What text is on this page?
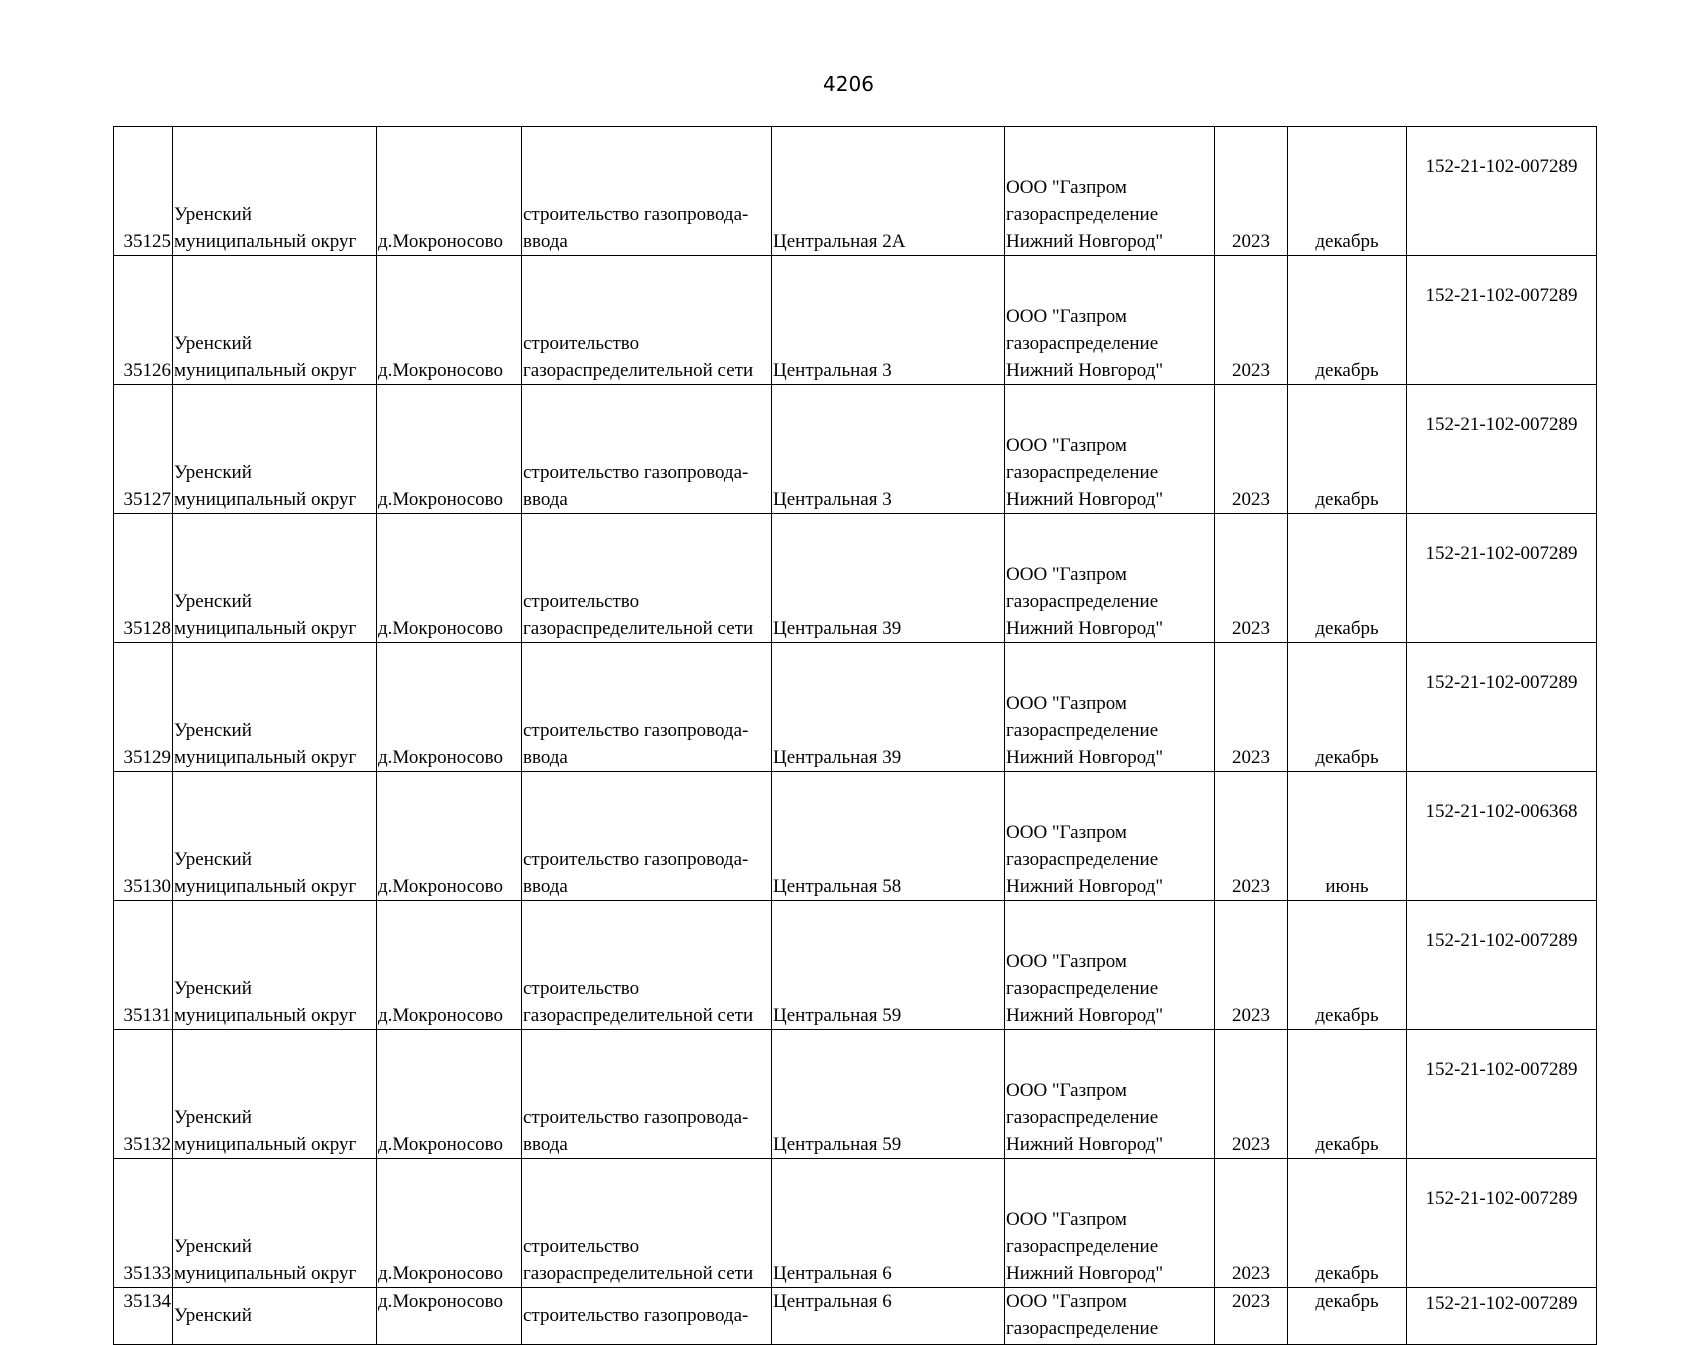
4206
35125	Уренский
муниципальный округ	д.Мокроносово	строительство газопровода-
ввода	Центральная 2А	ООО "Газпром
газораспределение
Нижний Новгород"	2023	декабрь	152-21-102-007289

35126	Уренский
муниципальный округ	д.Мокроносово	строительство
газораспределительной сети	Центральная 3	ООО "Газпром
газораспределение
Нижний Новгород"	2023	декабрь	152-21-102-007289

35127	Уренский
муниципальный округ	д.Мокроносово	строительство газопровода-
ввода	Центральная 3	ООО "Газпром
газораспределение
Нижний Новгород"	2023	декабрь	152-21-102-007289

35128	Уренский
муниципальный округ	д.Мокроносово	строительство
газораспределительной сети	Центральная 39	ООО "Газпром
газораспределение
Нижний Новгород"	2023	декабрь	152-21-102-007289

35129	Уренский
муниципальный округ	д.Мокроносово	строительство газопровода-
ввода	Центральная 39	ООО "Газпром
газораспределение
Нижний Новгород"	2023	декабрь	152-21-102-007289

35130	Уренский
муниципальный округ	д.Мокроносово	строительство газопровода-
ввода	Центральная 58	ООО "Газпром
газораспределение
Нижний Новгород"	2023	июнь	152-21-102-006368

35131	Уренский
муниципальный округ	д.Мокроносово	строительство
газораспределительной сети	Центральная 59	ООО "Газпром
газораспределение
Нижний Новгород"	2023	декабрь	152-21-102-007289

35132	Уренский
муниципальный округ	д.Мокроносово	строительство газопровода-
ввода	Центральная 59	ООО "Газпром
газораспределение
Нижний Новгород"	2023	декабрь	152-21-102-007289

35133	Уренский
муниципальный округ	д.Мокроносово	строительство
газораспределительной сети	Центральная 6	ООО "Газпром
газораспределение
Нижний Новгород"	2023	декабрь	152-21-102-007289

35134	Уренский	д.Мокроносово	строительство газопровода-	Центральная 6	ООО "Газпром
газораспределение	2023	декабрь	152-21-102-007289
